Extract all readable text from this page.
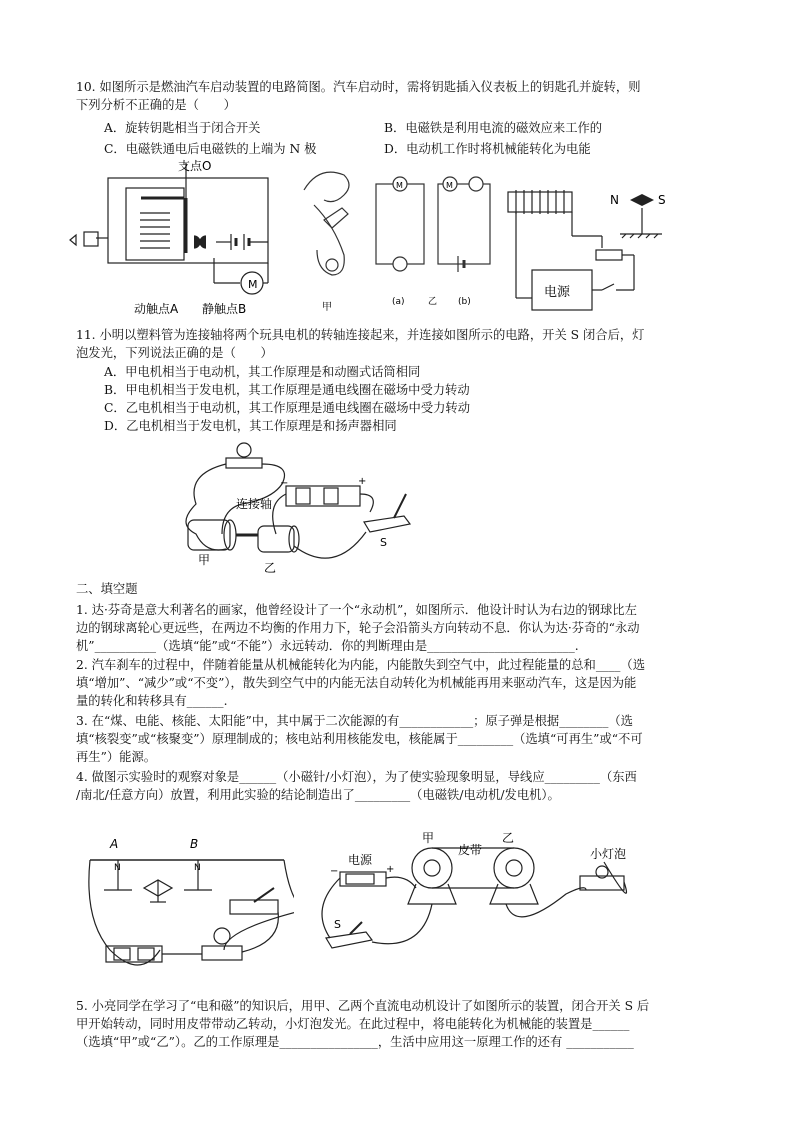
10. 如图所示是燃油汽车启动装置的电路简图。汽车启动时，需将钥匙插入仪表板上的钥匙孔并旋转，则
下列分析不正确的是（　　）
A．旋转钥匙相当于闭合开关	B．电磁铁是利用电流的磁效应来工作的
C．电磁铁通电后电磁铁的上端为 N 极	D．电动机工作时将机械能转化为电能
支点O
M
动触点A 静触点B	甲
M	M
(a)	乙 (b)
N	S
电源
11. 小明以塑料管为连接轴将两个玩具电机的转轴连接起来，并连接如图所示的电路，开关 S 闭合后，灯
泡发光，下列说法正确的是（　　）
A．甲电机相当于电动机，其工作原理是和动圈式话筒相同
B．甲电机相当于发电机，其工作原理是通电线圈在磁场中受力转动
C．乙电机相当于电动机，其工作原理是通电线圈在磁场中受力转动
D．乙电机相当于发电机，其工作原理是和扬声器相同
连接轴
甲
乙
S
−	+
二、填空题
1. 达·芬奇是意大利著名的画家，他曾经设计了一个“永动机”，如图所示．他设计时认为右边的钢球比左
边的钢球离轮心更远些，在两边不均衡的作用力下，轮子会沿箭头方向转动不息．你认为达·芬奇的“永动
机”__________（选填“能”或“不能”）永远转动．你的判断理由是________________________.
2. 汽车刹车的过程中，伴随着能量从机械能转化为内能，内能散失到空气中，此过程能量的总和____（选
填“增加”、“减少”或“不变”），散失到空气中的内能无法自动转化为机械能再用来驱动汽车，这是因为能
量的转化和转移具有______.
3. 在“煤、电能、核能、太阳能”中，其中属于二次能源的有____________；原子弹是根据________（选
填“核裂变”或“核聚变”）原理制成的；核电站利用核能发电，核能属于_________（选填“可再生”或“不可
再生”）能源。
4. 做图示实验时的观察对象是______（小磁针/小灯泡），为了使实验现象明显，导线应_________（东西
/南北/任意方向）放置，利用此实验的结论制造出了_________（电磁铁/电动机/发电机）。
A	B
N	N
电源
甲
皮带
乙
小灯泡
S
−	+
5. 小亮同学在学习了“电和磁”的知识后，用甲、乙两个直流电动机设计了如图所示的装置，闭合开关 S 后
甲开始转动，同时用皮带带动乙转动，小灯泡发光。在此过程中，将电能转化为机械能的装置是______
（选填“甲”或“乙”）。乙的工作原理是________________，生活中应用这一原理工作的还有 ___________
